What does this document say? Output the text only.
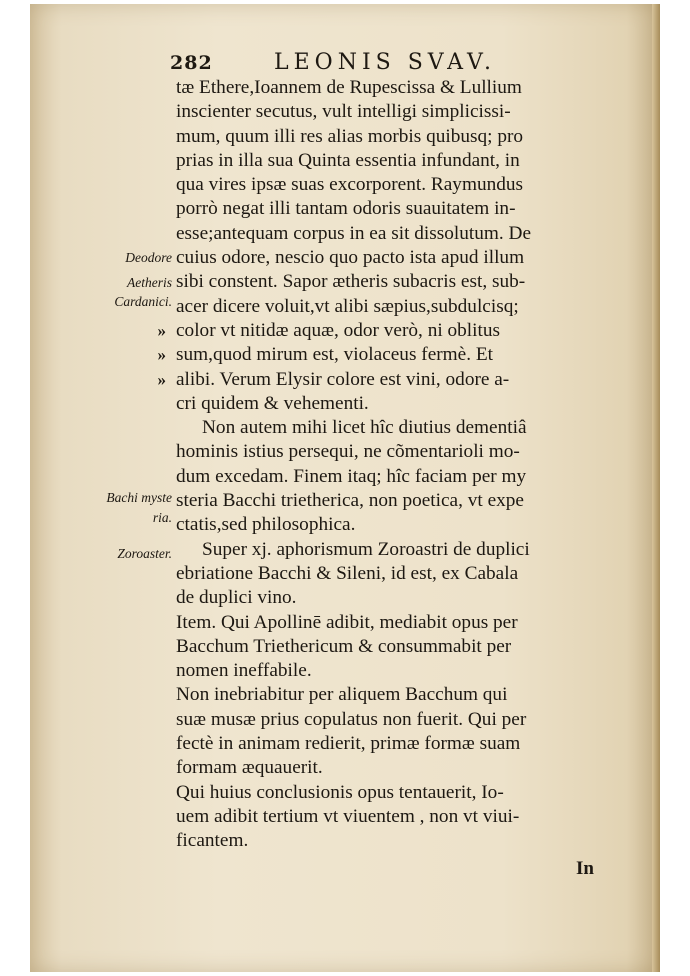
282	LEONIS SVAV.
Deodore
Aetheris
Cardanici.
»
»
»
Bachi myste
ria.
Zoroaster.
tæ Ethere,Ioannem de Rupescissa & Lullium
inscienter secutus, vult intelligi simplicissi-
mum, quum illi res alias morbis quibusq; pro
prias in illa sua Quinta essentia infundant, in
qua vires ipsæ suas excorporent. Raymundus
porrò negat illi tantam odoris suauitatem in-
esse;antequam corpus in ea sit dissolutum. De
cuius odore, nescio quo pacto ista apud illum
sibi constent. Sapor ætheris subacris est, sub-
acer dicere voluit,vt alibi sæpius,subdulcisq;
color vt nitidæ aquæ, odor verò, ni oblitus
sum,quod mirum est, violaceus fermè. Et
alibi. Verum Elysir colore est vini, odore a-
cri quidem & vehementi.
Non autem mihi licet hîc diutius dementiâ
hominis istius persequi, ne cõmentarioli mo-
dum excedam. Finem itaq; hîc faciam per my
steria Bacchi trietherica, non poetica, vt expe
ctatis,sed philosophica.
Super xj. aphorismum Zoroastri de duplici
ebriatione Bacchi & Sileni, id est, ex Cabala
de duplici vino.
Item. Qui Apollinē adibit, mediabit opus per
Bacchum Triethericum & consummabit per
nomen ineffabile.
Non inebriabitur per aliquem Bacchum qui
suæ musæ prius copulatus non fuerit. Qui per
fectè in animam redierit, primæ formæ suam
formam æquauerit.
Qui huius conclusionis opus tentauerit, Io-
uem adibit tertium vt viuentem , non vt viui-
ficantem.
In
